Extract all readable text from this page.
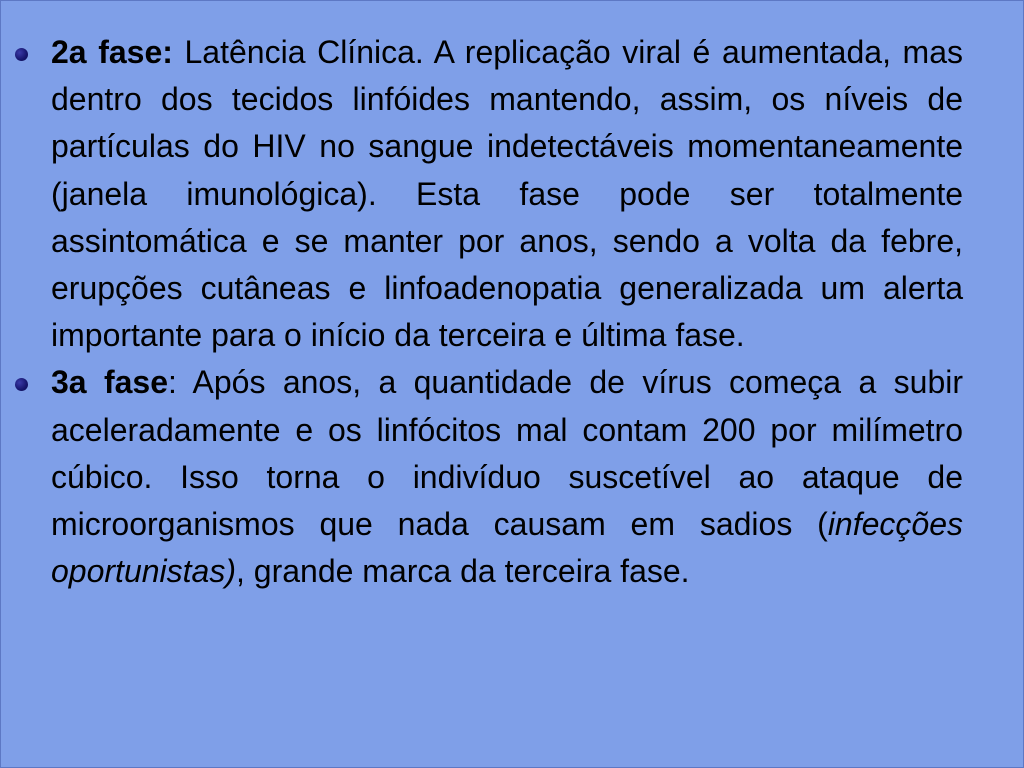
2a fase: Latência Clínica. A replicação viral é aumentada, mas dentro dos tecidos linfóides mantendo, assim, os níveis de partículas do HIV no sangue indetectáveis momentaneamente (janela imunológica). Esta fase pode ser totalmente assintomática e se manter por anos, sendo a volta da febre, erupções cutâneas e linfoadenopatia generalizada um alerta importante para o início da terceira e última fase.
3a fase: Após anos, a quantidade de vírus começa a subir aceleradamente e os linfócitos mal contam 200 por milímetro cúbico. Isso torna o indivíduo suscetível ao ataque de microorganismos que nada causam em sadios (infecções oportunistas), grande marca da terceira fase.
